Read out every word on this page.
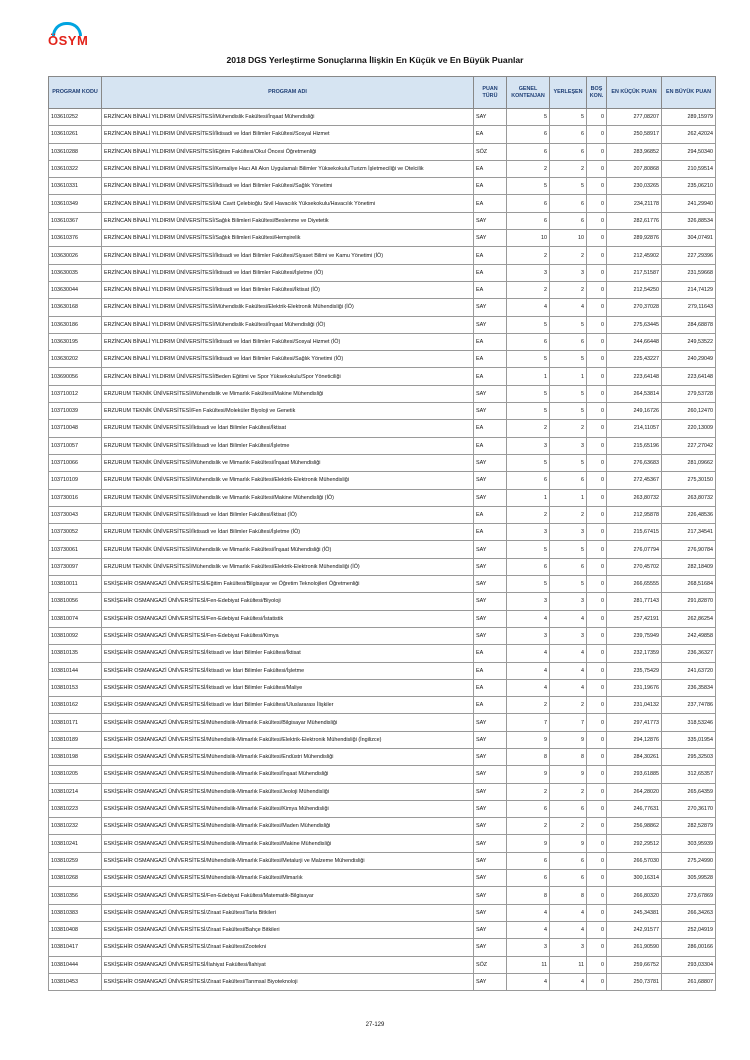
ÖSYM
2018 DGS Yerleştirme Sonuçlarına İlişkin En Küçük ve En Büyük Puanlar
PROGRAM KODU	PROGRAM ADI	PUAN TÜRÜ	GENEL KONTENJAN	YERLEŞEN	BOŞ KON.	EN KÜÇÜK PUAN	EN BÜYÜK PUAN
103610252	ERZİNCAN BİNALİ YILDIRIM ÜNİVERSİTESİ/Mühendislik Fakültesi/İnşaat Mühendisliği	SAY	5	5	0	277,08207	289,15979
103610261	ERZİNCAN BİNALİ YILDIRIM ÜNİVERSİTESİ/İktisadi ve İdari Bilimler Fakültesi/Sosyal Hizmet	EA	6	6	0	250,58917	262,42024
103610288	ERZİNCAN BİNALİ YILDIRIM ÜNİVERSİTESİ/Eğitim Fakültesi/Okul Öncesi Öğretmenliği	SÖZ	6	6	0	283,96852	294,50340
103610322	ERZİNCAN BİNALİ YILDIRIM ÜNİVERSİTESİ/Kemaliye Hacı Ali Akın Uygulamalı Bilimler Yüksekokulu/Turizm İşletmeciliği ve Otelcilik	EA	2	2	0	207,80868	210,59514
103610331	ERZİNCAN BİNALİ YILDIRIM ÜNİVERSİTESİ/İktisadi ve İdari Bilimler Fakültesi/Sağlık Yönetimi	EA	5	5	0	230,03265	235,06210
103610349	ERZİNCAN BİNALİ YILDIRIM ÜNİVERSİTESİ/Ali Cavit Çelebioğlu Sivil Havacılık Yüksekokulu/Havacılık Yönetimi	EA	6	6	0	234,21178	241,29940
103610367	ERZİNCAN BİNALİ YILDIRIM ÜNİVERSİTESİ/Sağlık Bilimleri Fakültesi/Beslenme ve Diyetetik	SAY	6	6	0	282,61776	326,88534
103610376	ERZİNCAN BİNALİ YILDIRIM ÜNİVERSİTESİ/Sağlık Bilimleri Fakültesi/Hemşirelik	SAY	10	10	0	289,92876	304,07491
103630026	ERZİNCAN BİNALİ YILDIRIM ÜNİVERSİTESİ/İktisadi ve İdari Bilimler Fakültesi/Siyaset Bilimi ve Kamu Yönetimi (İÖ)	EA	2	2	0	212,45902	227,29396
103630035	ERZİNCAN BİNALİ YILDIRIM ÜNİVERSİTESİ/İktisadi ve İdari Bilimler Fakültesi/İşletme (İÖ)	EA	3	3	0	217,51587	231,59668
103630044	ERZİNCAN BİNALİ YILDIRIM ÜNİVERSİTESİ/İktisadi ve İdari Bilimler Fakültesi/İktisat (İÖ)	EA	2	2	0	212,54250	214,74129
103630168	ERZİNCAN BİNALİ YILDIRIM ÜNİVERSİTESİ/Mühendislik Fakültesi/Elektrik-Elektronik Mühendisliği (İÖ)	SAY	4	4	0	270,37028	279,11643
103630186	ERZİNCAN BİNALİ YILDIRIM ÜNİVERSİTESİ/Mühendislik Fakültesi/İnşaat Mühendisliği (İÖ)	SAY	5	5	0	275,63445	284,68878
103630195	ERZİNCAN BİNALİ YILDIRIM ÜNİVERSİTESİ/İktisadi ve İdari Bilimler Fakültesi/Sosyal Hizmet (İÖ)	EA	6	6	0	244,66448	249,53522
103630202	ERZİNCAN BİNALİ YILDIRIM ÜNİVERSİTESİ/İktisadi ve İdari Bilimler Fakültesi/Sağlık Yönetimi (İÖ)	EA	5	5	0	225,43227	240,29049
103690056	ERZİNCAN BİNALİ YILDIRIM ÜNİVERSİTESİ/Beden Eğitimi ve Spor Yüksekokulu/Spor Yöneticiliği	EA	1	1	0	223,64148	223,64148
103710012	ERZURUM TEKNİK ÜNİVERSİTESİ/Mühendislik ve Mimarlık Fakültesi/Makine Mühendisliği	SAY	5	5	0	264,53814	279,53728
103710039	ERZURUM TEKNİK ÜNİVERSİTESİ/Fen Fakültesi/Moleküler Biyoloji ve Genetik	SAY	5	5	0	249,16726	260,12470
103710048	ERZURUM TEKNİK ÜNİVERSİTESİ/İktisadi ve İdari Bilimler Fakültesi/İktisat	EA	2	2	0	214,11057	220,13009
103710057	ERZURUM TEKNİK ÜNİVERSİTESİ/İktisadi ve İdari Bilimler Fakültesi/İşletme	EA	3	3	0	215,65196	227,27042
103710066	ERZURUM TEKNİK ÜNİVERSİTESİ/Mühendislik ve Mimarlık Fakültesi/İnşaat Mühendisliği	SAY	5	5	0	276,63683	281,09662
103710109	ERZURUM TEKNİK ÜNİVERSİTESİ/Mühendislik ve Mimarlık Fakültesi/Elektrik-Elektronik Mühendisliği	SAY	6	6	0	272,45367	275,30150
103730016	ERZURUM TEKNİK ÜNİVERSİTESİ/Mühendislik ve Mimarlık Fakültesi/Makine Mühendisliği (İÖ)	SAY	1	1	0	263,80732	263,80732
103730043	ERZURUM TEKNİK ÜNİVERSİTESİ/İktisadi ve İdari Bilimler Fakültesi/İktisat (İÖ)	EA	2	2	0	212,95878	226,48536
103730052	ERZURUM TEKNİK ÜNİVERSİTESİ/İktisadi ve İdari Bilimler Fakültesi/İşletme (İÖ)	EA	3	3	0	215,67415	217,34541
103730061	ERZURUM TEKNİK ÜNİVERSİTESİ/Mühendislik ve Mimarlık Fakültesi/İnşaat Mühendisliği (İÖ)	SAY	5	5	0	276,07794	276,90784
103730097	ERZURUM TEKNİK ÜNİVERSİTESİ/Mühendislik ve Mimarlık Fakültesi/Elektrik-Elektronik Mühendisliği (İÖ)	SAY	6	6	0	270,45702	282,18409
103810011	ESKİŞEHİR OSMANGAZİ ÜNİVERSİTESİ/Eğitim Fakültesi/Bilgisayar ve Öğretim Teknolojileri Öğretmenliği	SAY	5	5	0	266,65555	268,51684
103810056	ESKİŞEHİR OSMANGAZİ ÜNİVERSİTESİ/Fen-Edebiyat Fakültesi/Biyoloji	SAY	3	3	0	281,77143	291,82870
103810074	ESKİŞEHİR OSMANGAZİ ÜNİVERSİTESİ/Fen-Edebiyat Fakültesi/İstatistik	SAY	4	4	0	257,42191	262,86254
103810092	ESKİŞEHİR OSMANGAZİ ÜNİVERSİTESİ/Fen-Edebiyat Fakültesi/Kimya	SAY	3	3	0	239,75949	242,49858
103810135	ESKİŞEHİR OSMANGAZİ ÜNİVERSİTESİ/İktisadi ve İdari Bilimler Fakültesi/İktisat	EA	4	4	0	232,17359	236,36327
103810144	ESKİŞEHİR OSMANGAZİ ÜNİVERSİTESİ/İktisadi ve İdari Bilimler Fakültesi/İşletme	EA	4	4	0	235,75429	241,63720
103810153	ESKİŞEHİR OSMANGAZİ ÜNİVERSİTESİ/İktisadi ve İdari Bilimler Fakültesi/Maliye	EA	4	4	0	231,19676	236,35834
103810162	ESKİŞEHİR OSMANGAZİ ÜNİVERSİTESİ/İktisadi ve İdari Bilimler Fakültesi/Uluslararası İlişkiler	EA	2	2	0	231,04132	237,74786
103810171	ESKİŞEHİR OSMANGAZİ ÜNİVERSİTESİ/Mühendislik-Mimarlık Fakültesi/Bilgisayar Mühendisliği	SAY	7	7	0	297,41773	318,53246
103810189	ESKİŞEHİR OSMANGAZİ ÜNİVERSİTESİ/Mühendislik-Mimarlık Fakültesi/Elektrik-Elektronik Mühendisliği (İngilizce)	SAY	9	9	0	294,12876	335,01954
103810198	ESKİŞEHİR OSMANGAZİ ÜNİVERSİTESİ/Mühendislik-Mimarlık Fakültesi/Endüstri Mühendisliği	SAY	8	8	0	284,30261	295,32503
103810205	ESKİŞEHİR OSMANGAZİ ÜNİVERSİTESİ/Mühendislik-Mimarlık Fakültesi/İnşaat Mühendisliği	SAY	9	9	0	293,61885	312,65357
103810214	ESKİŞEHİR OSMANGAZİ ÜNİVERSİTESİ/Mühendislik-Mimarlık Fakültesi/Jeoloji Mühendisliği	SAY	2	2	0	264,28020	265,64359
103810223	ESKİŞEHİR OSMANGAZİ ÜNİVERSİTESİ/Mühendislik-Mimarlık Fakültesi/Kimya Mühendisliği	SAY	6	6	0	246,77631	270,36170
103810232	ESKİŞEHİR OSMANGAZİ ÜNİVERSİTESİ/Mühendislik-Mimarlık Fakültesi/Maden Mühendisliği	SAY	2	2	0	256,98862	282,52879
103810241	ESKİŞEHİR OSMANGAZİ ÜNİVERSİTESİ/Mühendislik-Mimarlık Fakültesi/Makine Mühendisliği	SAY	9	9	0	292,29512	303,95939
103810259	ESKİŞEHİR OSMANGAZİ ÜNİVERSİTESİ/Mühendislik-Mimarlık Fakültesi/Metalurji ve Malzeme Mühendisliği	SAY	6	6	0	266,57030	275,24990
103810268	ESKİŞEHİR OSMANGAZİ ÜNİVERSİTESİ/Mühendislik-Mimarlık Fakültesi/Mimarlık	SAY	6	6	0	300,16314	305,99528
103810356	ESKİŞEHİR OSMANGAZİ ÜNİVERSİTESİ/Fen-Edebiyat Fakültesi/Matematik-Bilgisayar	SAY	8	8	0	266,80320	273,67869
103810383	ESKİŞEHİR OSMANGAZİ ÜNİVERSİTESİ/Ziraat Fakültesi/Tarla Bitkileri	SAY	4	4	0	245,34381	266,34263
103810408	ESKİŞEHİR OSMANGAZİ ÜNİVERSİTESİ/Ziraat Fakültesi/Bahçe Bitkileri	SAY	4	4	0	242,91577	252,04919
103810417	ESKİŞEHİR OSMANGAZİ ÜNİVERSİTESİ/Ziraat Fakültesi/Zootekni	SAY	3	3	0	261,90590	286,00166
103810444	ESKİŞEHİR OSMANGAZİ ÜNİVERSİTESİ/İlahiyat Fakültesi/İlahiyat	SÖZ	11	11	0	259,66752	293,03304
103810453	ESKİŞEHİR OSMANGAZİ ÜNİVERSİTESİ/Ziraat Fakültesi/Tarımsal Biyoteknoloji	SAY	4	4	0	250,73781	261,68807
27-129
